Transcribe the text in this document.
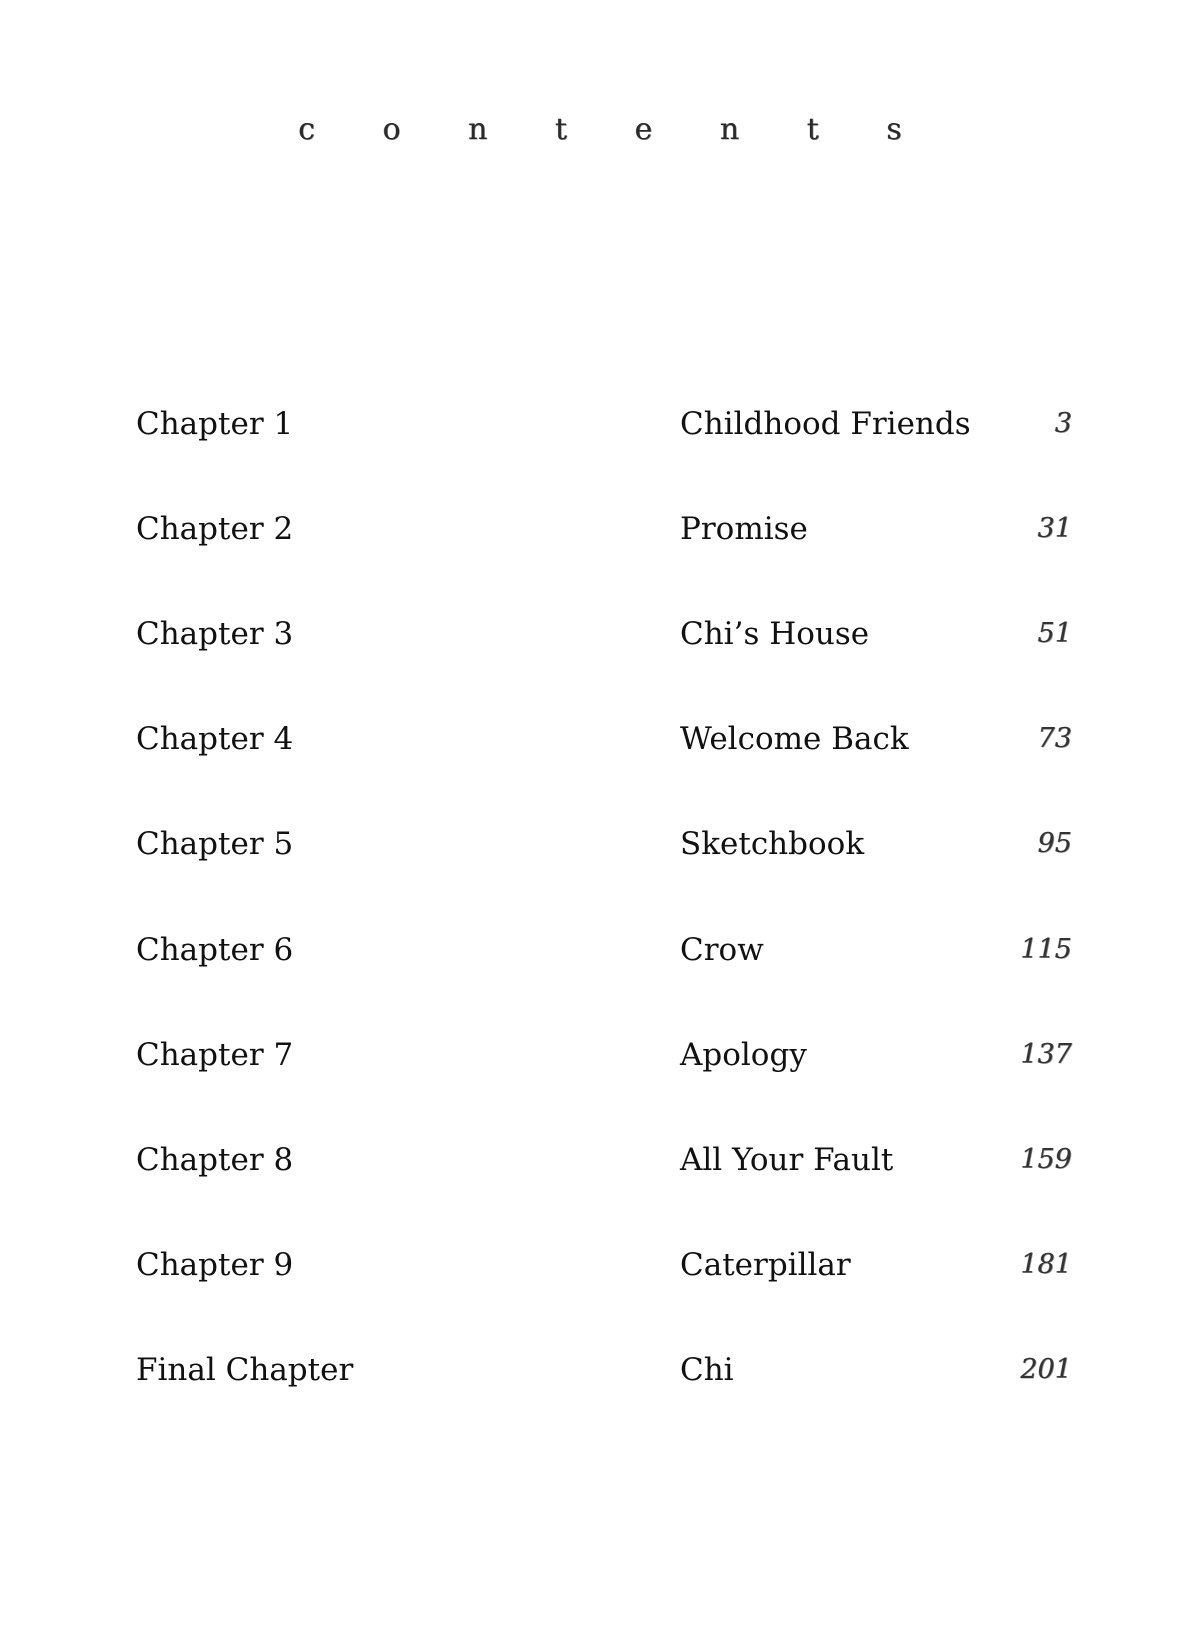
c o n t e n t s
Chapter 1	Childhood Friends	3
Chapter 2	Promise	31
Chapter 3	Chi’s House	51
Chapter 4	Welcome Back	73
Chapter 5	Sketchbook	95
Chapter 6	Crow	115
Chapter 7	Apology	137
Chapter 8	All Your Fault	159
Chapter 9	Caterpillar	181
Final Chapter	Chi	201
